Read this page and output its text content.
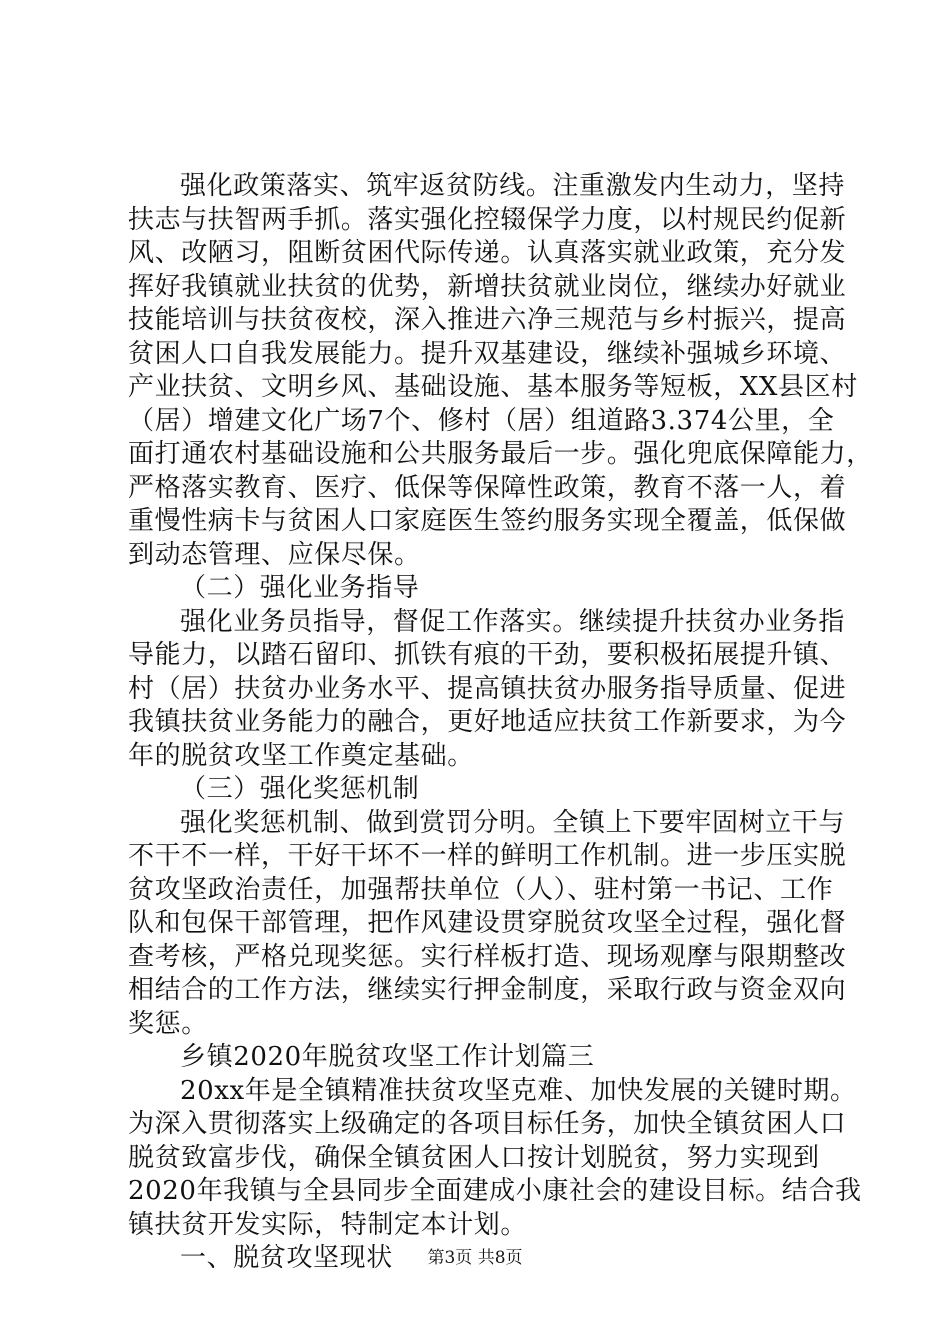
强化政策落实、筑牢返贫防线。注重激发内生动力，坚持
扶志与扶智两手抓。落实强化控辍保学力度，以村规民约促新
风、改陋习，阻断贫困代际传递。认真落实就业政策，充分发
挥好我镇就业扶贫的优势，新增扶贫就业岗位，继续办好就业
技能培训与扶贫夜校，深入推进六净三规范与乡村振兴，提高
贫困人口自我发展能力。提升双基建设，继续补强城乡环境、
产业扶贫、文明乡风、基础设施、基本服务等短板，XX县区村
（居）增建文化广场7个、修村（居）组道路3.374公里，全
面打通农村基础设施和公共服务最后一步。强化兜底保障能力，
严格落实教育、医疗、低保等保障性政策，教育不落一人，着
重慢性病卡与贫困人口家庭医生签约服务实现全覆盖，低保做
到动态管理、应保尽保。
（二）强化业务指导
强化业务员指导，督促工作落实。继续提升扶贫办业务指
导能力，以踏石留印、抓铁有痕的干劲，要积极拓展提升镇、
村（居）扶贫办业务水平、提高镇扶贫办服务指导质量、促进
我镇扶贫业务能力的融合，更好地适应扶贫工作新要求，为今
年的脱贫攻坚工作奠定基础。
（三）强化奖惩机制
强化奖惩机制、做到赏罚分明。全镇上下要牢固树立干与
不干不一样，干好干坏不一样的鲜明工作机制。进一步压实脱
贫攻坚政治责任，加强帮扶单位（人）、驻村第一书记、工作
队和包保干部管理，把作风建设贯穿脱贫攻坚全过程，强化督
查考核，严格兑现奖惩。实行样板打造、现场观摩与限期整改
相结合的工作方法，继续实行押金制度，采取行政与资金双向
奖惩。
乡镇2020年脱贫攻坚工作计划篇三
20xx年是全镇精准扶贫攻坚克难、加快发展的关键时期。
为深入贯彻落实上级确定的各项目标任务，加快全镇贫困人口
脱贫致富步伐，确保全镇贫困人口按计划脱贫，努力实现到
2020年我镇与全县同步全面建成小康社会的建设目标。结合我
镇扶贫开发实际，特制定本计划。
一、脱贫攻坚现状	第3页 共8页
